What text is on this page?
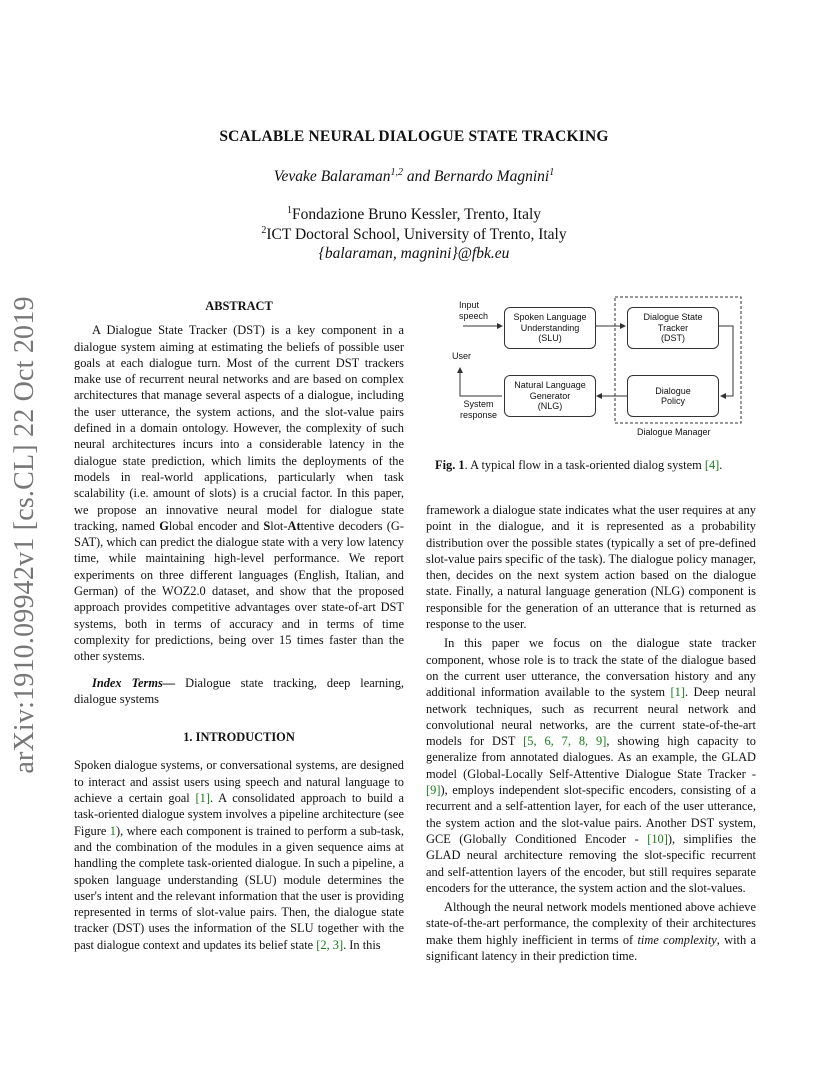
arXiv:1910.09942v1 [cs.CL] 22 Oct 2019
SCALABLE NEURAL DIALOGUE STATE TRACKING
Vevake Balaraman$^{1,2}$ and Bernardo Magnini$^1$
$^1$Fondazione Bruno Kessler, Trento, Italy
$^2$ICT Doctoral School, University of Trento, Italy
{balaraman, magnini}@fbk.eu
ABSTRACT

A Dialogue State Tracker (DST) is a key component in a dialogue system aiming at estimating the beliefs of possible user goals at each dialogue turn. Most of the current DST trackers make use of recurrent neural networks and are based on complex architectures that manage several aspects of a dialogue, including the user utterance, the system actions, and the slot-value pairs defined in a domain ontology. However, the complexity of such neural architectures incurs into a considerable latency in the dialogue state prediction, which limits the deployments of the models in real-world applications, particularly when task scalability (i.e. amount of slots) is a crucial factor. In this paper, we propose an innovative neural model for dialogue state tracking, named Global encoder and Slot-Attentive decoders (G-SAT), which can predict the dialogue state with a very low latency time, while maintaining high-level performance. We report experiments on three different languages (English, Italian, and German) of the WOZ2.0 dataset, and show that the proposed approach provides competitive advantages over state-of-art DST systems, both in terms of accuracy and in terms of time complexity for predictions, being over 15 times faster than the other systems.

Index Terms— Dialogue state tracking, deep learning, dialogue systems

1. INTRODUCTION

Spoken dialogue systems, or conversational systems, are designed to interact and assist users using speech and natural language to achieve a certain goal [1]. A consolidated approach to build a task-oriented dialogue system involves a pipeline architecture (see Figure 1), where each component is trained to perform a sub-task, and the combination of the modules in a given sequence aims at handling the complete task-oriented dialogue. In such a pipeline, a spoken language understanding (SLU) module determines the user's intent and the relevant information that the user is providing represented in terms of slot-value pairs. Then, the dialogue state tracker (DST) uses the information of the SLU together with the past dialogue context and updates its belief state [2, 3]. In this

Input
speech
User
System
response
Spoken Language
Understanding
(SLU)
Natural Language
Generator
(NLG)
Dialogue State
Tracker
(DST)
Dialogue
Policy
Dialogue Manager
Fig. 1. A typical flow in a task-oriented dialog system [4].

framework a dialogue state indicates what the user requires at any point in the dialogue, and it is represented as a probability distribution over the possible states (typically a set of pre-defined slot-value pairs specific of the task). The dialogue policy manager, then, decides on the next system action based on the dialogue state. Finally, a natural language generation (NLG) component is responsible for the generation of an utterance that is returned as response to the user.

In this paper we focus on the dialogue state tracker component, whose role is to track the state of the dialogue based on the current user utterance, the conversation history and any additional information available to the system [1]. Deep neural network techniques, such as recurrent neural network and convolutional neural networks, are the current state-of-the-art models for DST [5, 6, 7, 8, 9], showing high capacity to generalize from annotated dialogues. As an example, the GLAD model (Global-Locally Self-Attentive Dialogue State Tracker - [9]), employs independent slot-specific encoders, consisting of a recurrent and a self-attention layer, for each of the user utterance, the system action and the slot-value pairs. Another DST system, GCE (Globally Conditioned Encoder - [10]), simplifies the GLAD neural architecture removing the slot-specific recurrent and self-attention layers of the encoder, but still requires separate encoders for the utterance, the system action and the slot-values.

Although the neural network models mentioned above achieve state-of-the-art performance, the complexity of their architectures make them highly inefficient in terms of time complexity, with a significant latency in their prediction time.
